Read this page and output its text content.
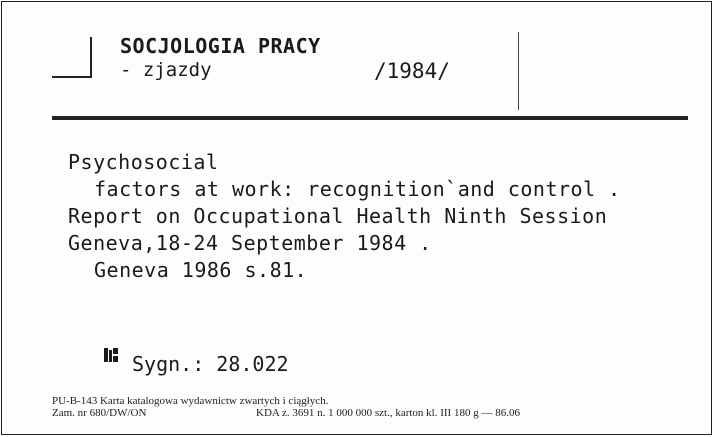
SOCJOLOGIA PRACY
- zjazdy	/1984/
Psychosocial
factors at work: recognition`and control .
Report on Occupational Health Ninth Session
Geneva,18-24 September 1984 .
Geneva 1986 s.81.
Sygn.: 28.022
PU-B-143 Karta katalogowa wydawnictw zwartych i ciągłych.
Zam. nr 680/DW/ON	KDA z. 3691 n. 1 000 000 szt., karton kl. III 180 g — 86.06
